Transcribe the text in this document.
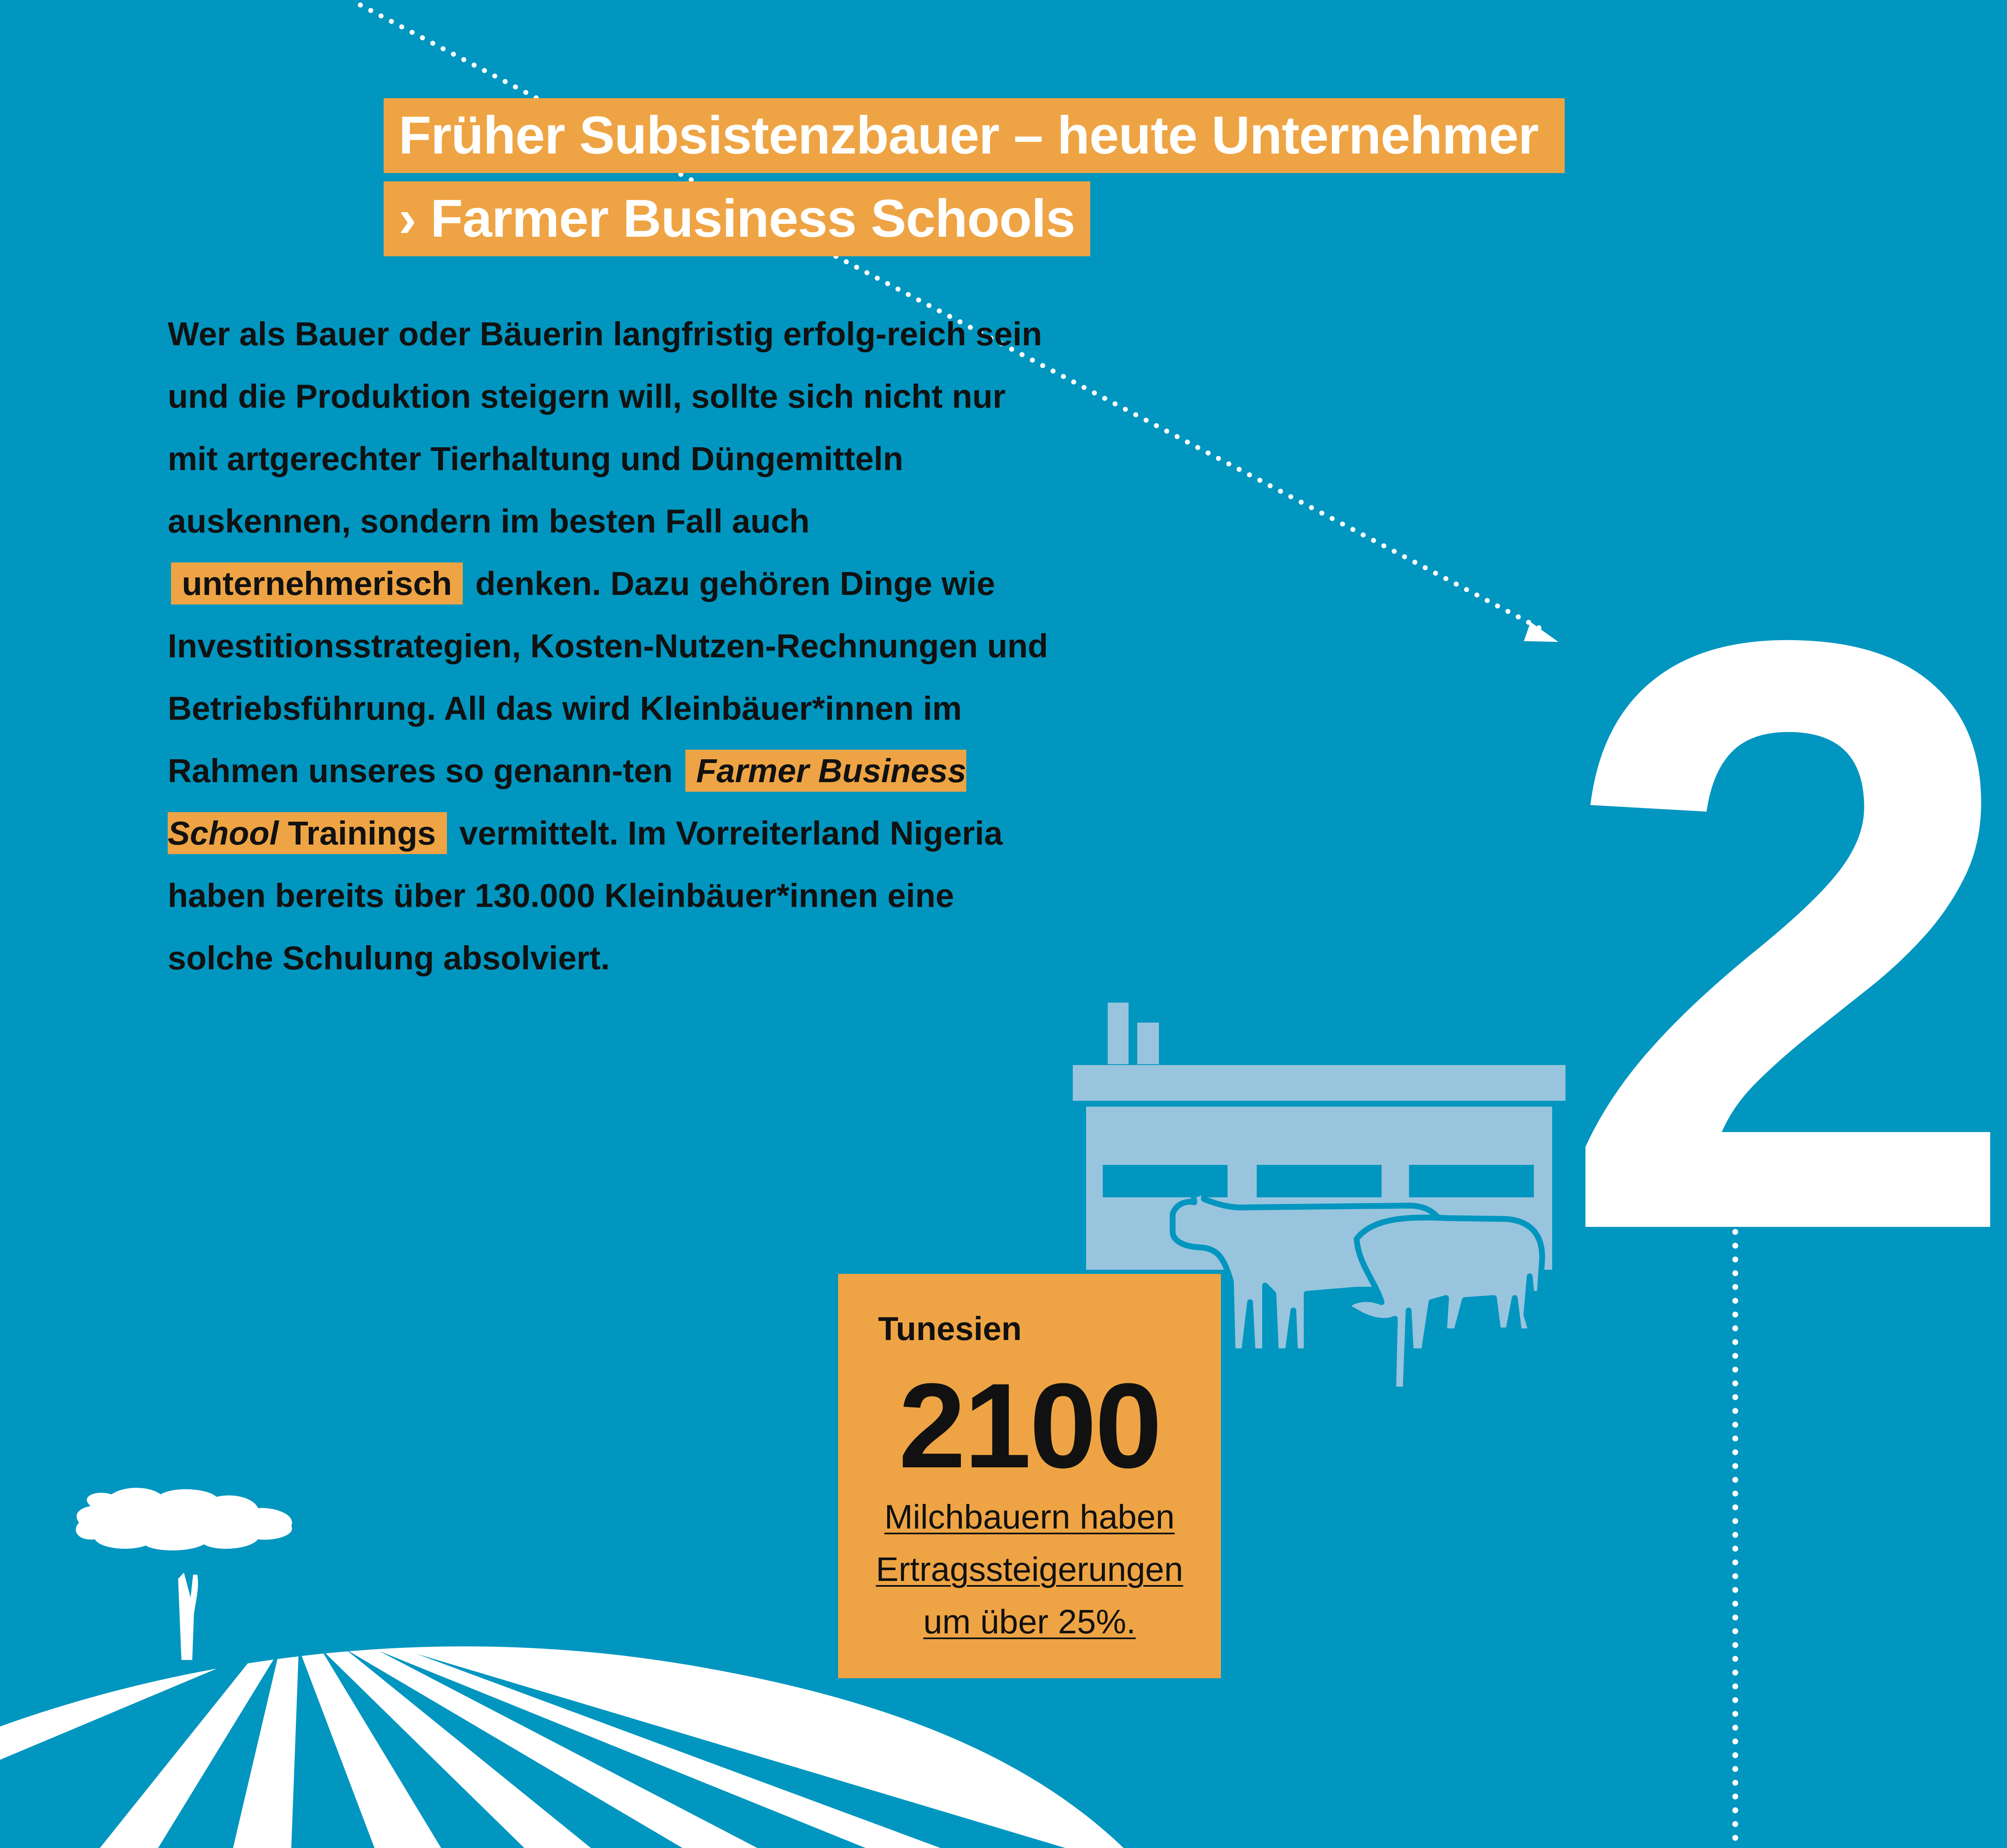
Früher Subsistenzbauer – heute Unternehmer
› Farmer Business Schools

Wer als Bauer oder Bäuerin langfristig erfolg-reich sein und die Produktion steigern will, sollte sich nicht nur mit artgerechter Tierhaltung und Düngemitteln auskennen, sondern im besten Fall auch unternehmerisch denken. Dazu gehören Dinge wie Investitionsstrategien, Kosten-Nutzen-Rechnungen und Betriebsführung. All das wird Kleinbäuer*innen im Rahmen unseres so genann-ten Farmer Business School Trainings vermittelt. Im Vorreiterland Nigeria haben bereits über 130.000 Kleinbäuer*innen eine solche Schulung absolviert.	2
Tunesien
2100
Milchbauern haben
Ertragssteigerungen
um über 25%.
